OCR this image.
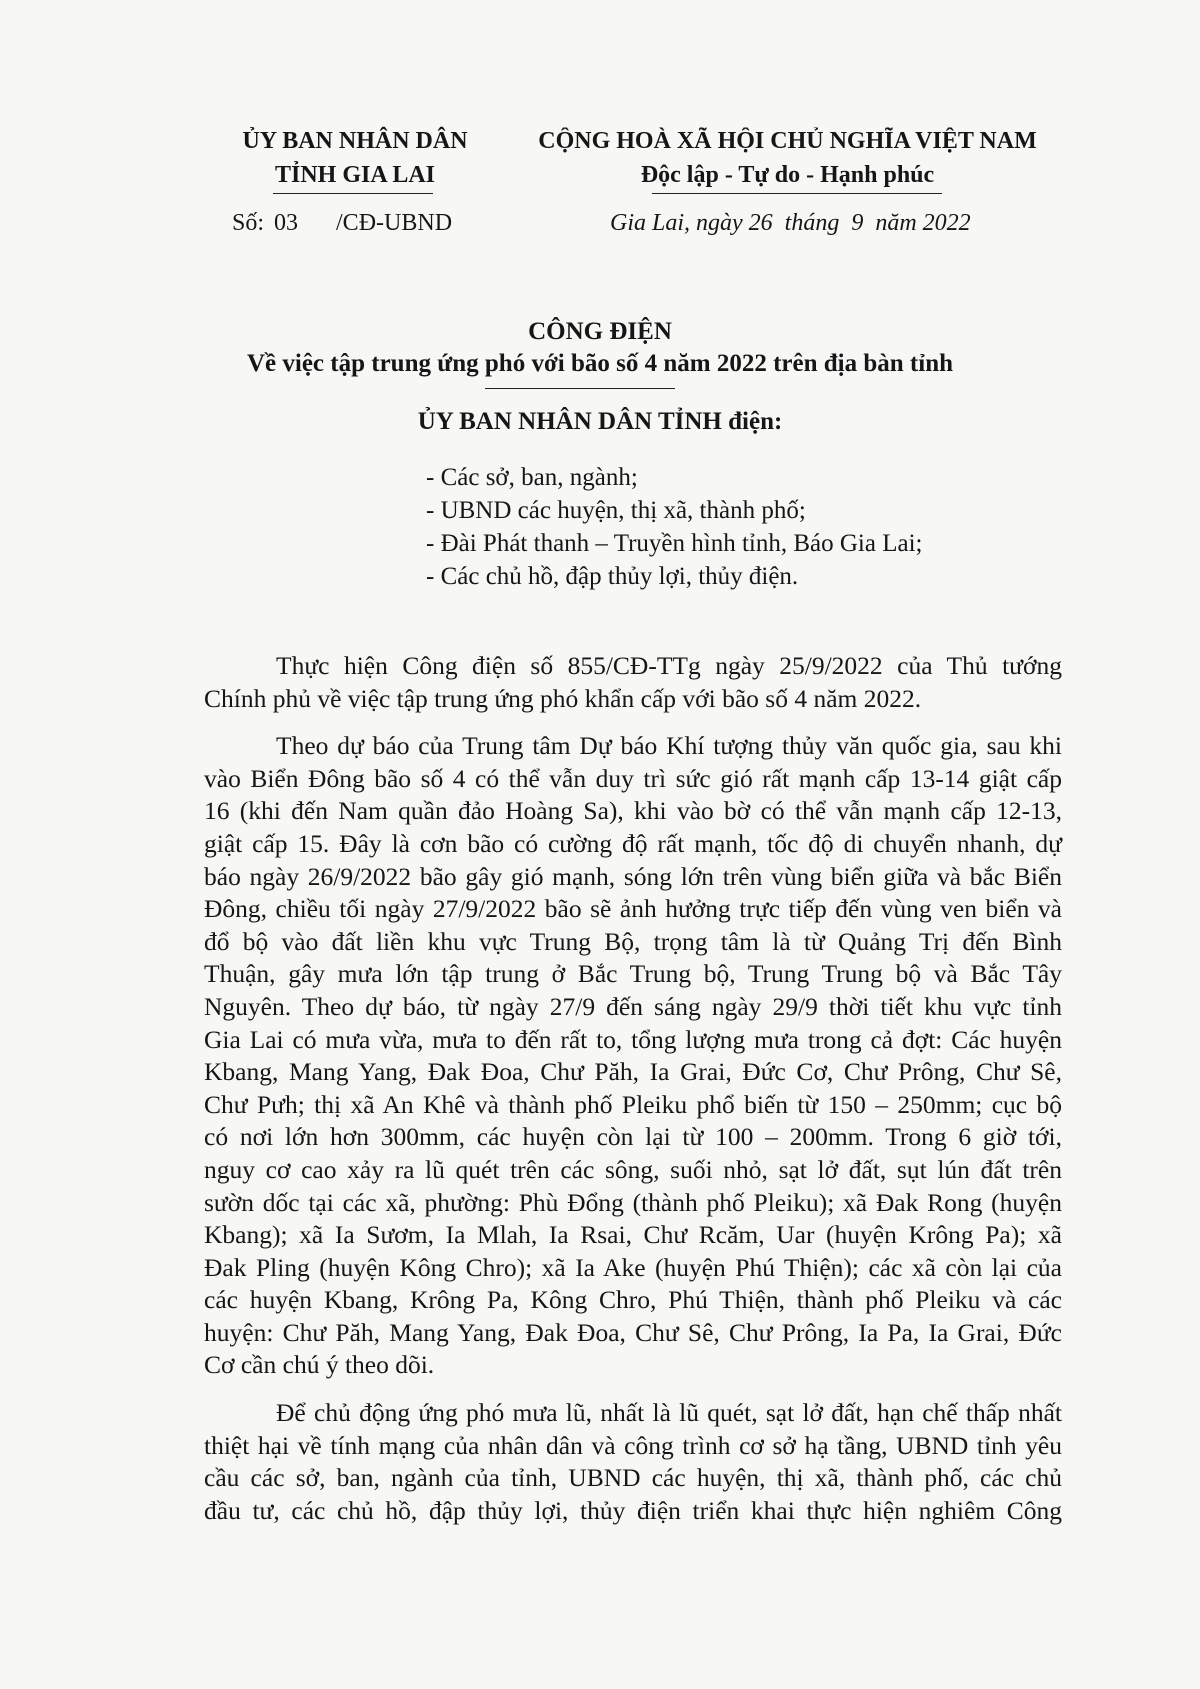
ỦY BAN NHÂN DÂN
TỈNH GIA LAI
CỘNG HOÀ XÃ HỘI CHỦ NGHĨA VIỆT NAM
Độc lập - Tự do - Hạnh phúc
Số: 03 /CĐ-UBND	Gia Lai, ngày 26  tháng  9  năm 2022
CÔNG ĐIỆN
Về việc tập trung ứng phó với bão số 4 năm 2022 trên địa bàn tỉnh
ỦY BAN NHÂN DÂN TỈNH điện:
- Các sở, ban, ngành;
- UBND các huyện, thị xã, thành phố;
- Đài Phát thanh – Truyền hình tỉnh, Báo Gia Lai;
- Các chủ hồ, đập thủy lợi, thủy điện.
Thực hiện Công điện số 855/CĐ-TTg ngày 25/9/2022 của Thủ tướng
Chính phủ về việc tập trung ứng phó khẩn cấp với bão số 4 năm 2022.
Theo dự báo của Trung tâm Dự báo Khí tượng thủy văn quốc gia, sau khi
vào Biển Đông bão số 4 có thể vẫn duy trì sức gió rất mạnh cấp 13-14 giật cấp
16 (khi đến Nam quần đảo Hoàng Sa), khi vào bờ có thể vẫn mạnh cấp 12-13,
giật cấp 15. Đây là cơn bão có cường độ rất mạnh, tốc độ di chuyển nhanh, dự
báo ngày 26/9/2022 bão gây gió mạnh, sóng lớn trên vùng biển giữa và bắc Biển
Đông, chiều tối ngày 27/9/2022 bão sẽ ảnh hưởng trực tiếp đến vùng ven biển và
đổ bộ vào đất liền khu vực Trung Bộ, trọng tâm là từ Quảng Trị đến Bình
Thuận, gây mưa lớn tập trung ở Bắc Trung bộ, Trung Trung bộ và Bắc Tây
Nguyên. Theo dự báo, từ ngày 27/9 đến sáng ngày 29/9 thời tiết khu vực tỉnh
Gia Lai có mưa vừa, mưa to đến rất to, tổng lượng mưa trong cả đợt: Các huyện
Kbang, Mang Yang, Đak Đoa, Chư Păh, Ia Grai, Đức Cơ, Chư Prông, Chư Sê,
Chư Pưh; thị xã An Khê và thành phố Pleiku phổ biến từ 150 – 250mm; cục bộ
có nơi lớn hơn 300mm, các huyện còn lại từ 100 – 200mm. Trong 6 giờ tới,
nguy cơ cao xảy ra lũ quét trên các sông, suối nhỏ, sạt lở đất, sụt lún đất trên
sườn dốc tại các xã, phường: Phù Đổng (thành phố Pleiku); xã Đak Rong (huyện
Kbang); xã Ia Sươm, Ia Mlah, Ia Rsai, Chư Rcăm, Uar (huyện Krông Pa); xã
Đak Pling (huyện Kông Chro); xã Ia Ake (huyện Phú Thiện); các xã còn lại của
các huyện Kbang, Krông Pa, Kông Chro, Phú Thiện, thành phố Pleiku và các
huyện: Chư Păh, Mang Yang, Đak Đoa, Chư Sê, Chư Prông, Ia Pa, Ia Grai, Đức
Cơ cần chú ý theo dõi.
Để chủ động ứng phó mưa lũ, nhất là lũ quét, sạt lở đất, hạn chế thấp nhất
thiệt hại về tính mạng của nhân dân và công trình cơ sở hạ tầng, UBND tỉnh yêu
cầu các sở, ban, ngành của tỉnh, UBND các huyện, thị xã, thành phố, các chủ
đầu tư, các chủ hồ, đập thủy lợi, thủy điện triển khai thực hiện nghiêm Công
